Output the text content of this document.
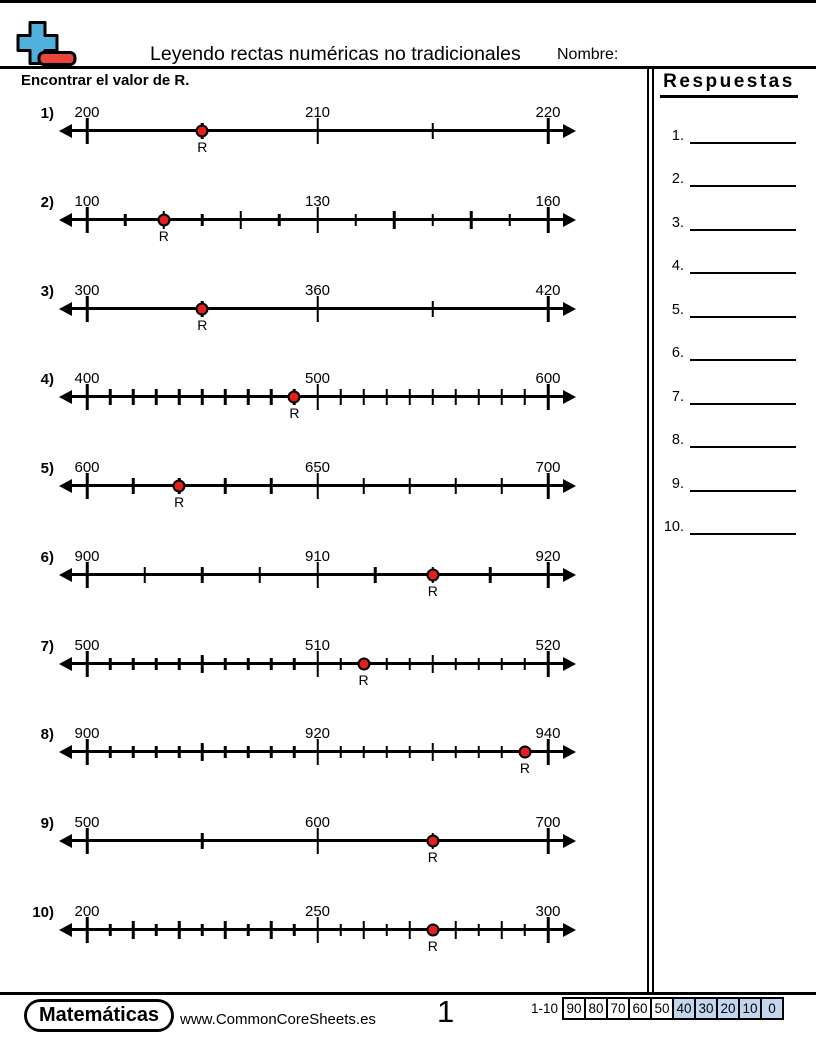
Leyendo rectas numéricas no tradicionales Nombre:
Encontrar el valor de R.
1) 200	210	220
R
2) 100	130	160
R
3) 300	360	420
R
4) 400	500	600
R
5) 600	650	700
R
6) 900	910	920
R
7) 500	510	520
R
8) 900	920	940
R
9) 500	600	700
R
10) 200	250	300
R
Respuestas
1.
2.
3.
4.
5.
6.
7.
8.
9.
10.
Matemáticas	www.CommonCoreSheets.es 1	1-10 90 80 70 60 50 40 30 20 10 0
